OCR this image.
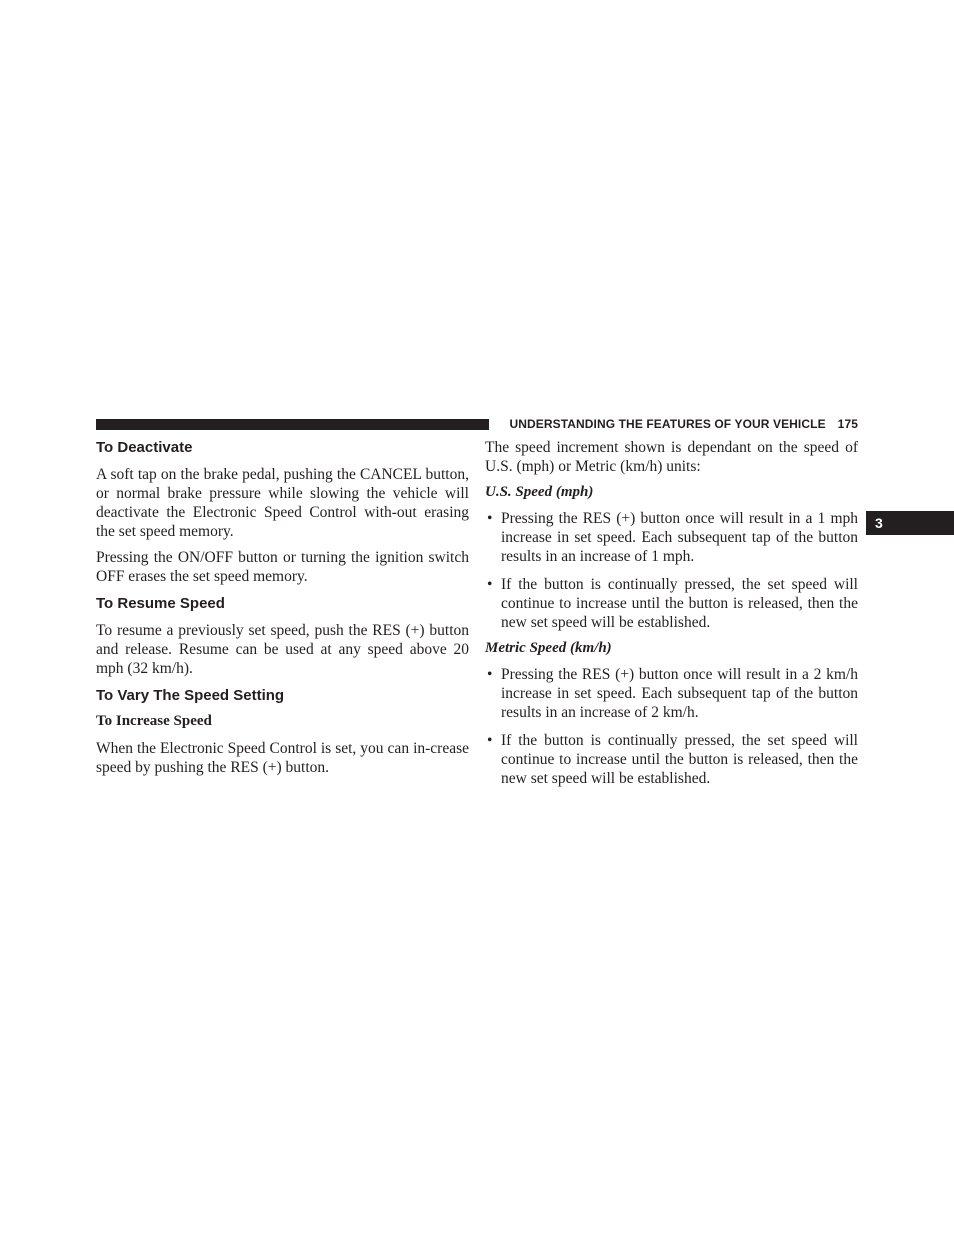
UNDERSTANDING THE FEATURES OF YOUR VEHICLE 175
3
To Deactivate

A soft tap on the brake pedal, pushing the CANCEL button, or normal brake pressure while slowing the vehicle will deactivate the Electronic Speed Control with-out erasing the set speed memory.

Pressing the ON/OFF button or turning the ignition switch OFF erases the set speed memory.

To Resume Speed

To resume a previously set speed, push the RES (+) button and release. Resume can be used at any speed above 20 mph (32 km/h).

To Vary The Speed Setting
To Increase Speed

When the Electronic Speed Control is set, you can in-crease speed by pushing the RES (+) button.

The speed increment shown is dependant on the speed of U.S. (mph) or Metric (km/h) units:

U.S. Speed (mph)
• Pressing the RES (+) button once will result in a 1 mph increase in set speed. Each subsequent tap of the button results in an increase of 1 mph.
• If the button is continually pressed, the set speed will continue to increase until the button is released, then the new set speed will be established.
Metric Speed (km/h)
• Pressing the RES (+) button once will result in a 2 km/h increase in set speed. Each subsequent tap of the button results in an increase of 2 km/h.
• If the button is continually pressed, the set speed will continue to increase until the button is released, then the new set speed will be established.
